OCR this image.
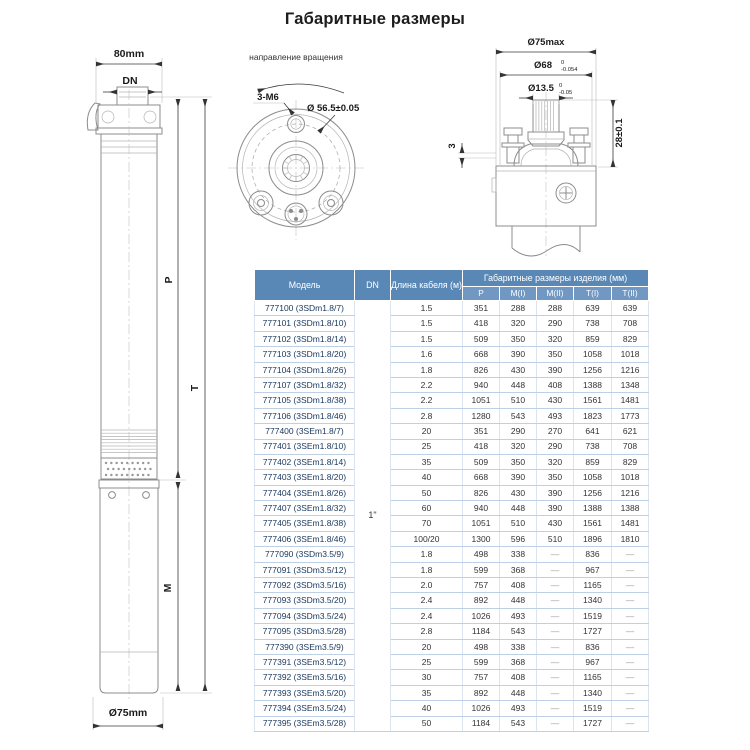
Габаритные размеры
80mm
DN
P
M
T
Ø75mm
направление вращения
3-M6
Ø 56.5±0.05
Ø75max
Ø68 0
-0.054
Ø13.5 0
-0.05
28±0.1
3
Модель	DN	Длина кабеля (м)	Габаритные размеры изделия (мм)				
			P	M(I)	M(II)	T(I)	T(II)
777100 (3SDm1.8/7)	1"	1.5	351	288	288	639	639
777101 (3SDm1.8/10)		1.5	418	320	290	738	708
777102 (3SDm1.8/14)		1.5	509	350	320	859	829
777103 (3SDm1.8/20)		1.6	668	390	350	1058	1018
777104 (3SDm1.8/26)		1.8	826	430	390	1256	1216
777107 (3SDm1.8/32)		2.2	940	448	408	1388	1348
777105 (3SDm1.8/38)		2.2	1051	510	430	1561	1481
777106 (3SDm1.8/46)		2.8	1280	543	493	1823	1773
777400 (3SEm1.8/7)		20	351	290	270	641	621
777401 (3SEm1.8/10)		25	418	320	290	738	708
777402 (3SEm1.8/14)		35	509	350	320	859	829
777403 (3SEm1.8/20)		40	668	390	350	1058	1018
777404 (3SEm1.8/26)		50	826	430	390	1256	1216
777407 (3SEm1.8/32)		60	940	448	390	1388	1388
777405 (3SEm1.8/38)		70	1051	510	430	1561	1481
777406 (3SEm1.8/46)		100/20	1300	596	510	1896	1810
777090 (3SDm3.5/9)		1.8	498	338	—	836	—
777091 (3SDm3.5/12)		1.8	599	368	—	967	—
777092 (3SDm3.5/16)		2.0	757	408	—	1165	—
777093 (3SDm3.5/20)		2.4	892	448	—	1340	—
777094 (3SDm3.5/24)		2.4	1026	493	—	1519	—
777095 (3SDm3.5/28)		2.8	1184	543	—	1727	—
777390 (3SEm3.5/9)		20	498	338	—	836	—
777391 (3SEm3.5/12)		25	599	368	—	967	—
777392 (3SEm3.5/16)		30	757	408	—	1165	—
777393 (3SEm3.5/20)		35	892	448	—	1340	—
777394 (3SEm3.5/24)		40	1026	493	—	1519	—
777395 (3SEm3.5/28)		50	1184	543	—	1727	—
